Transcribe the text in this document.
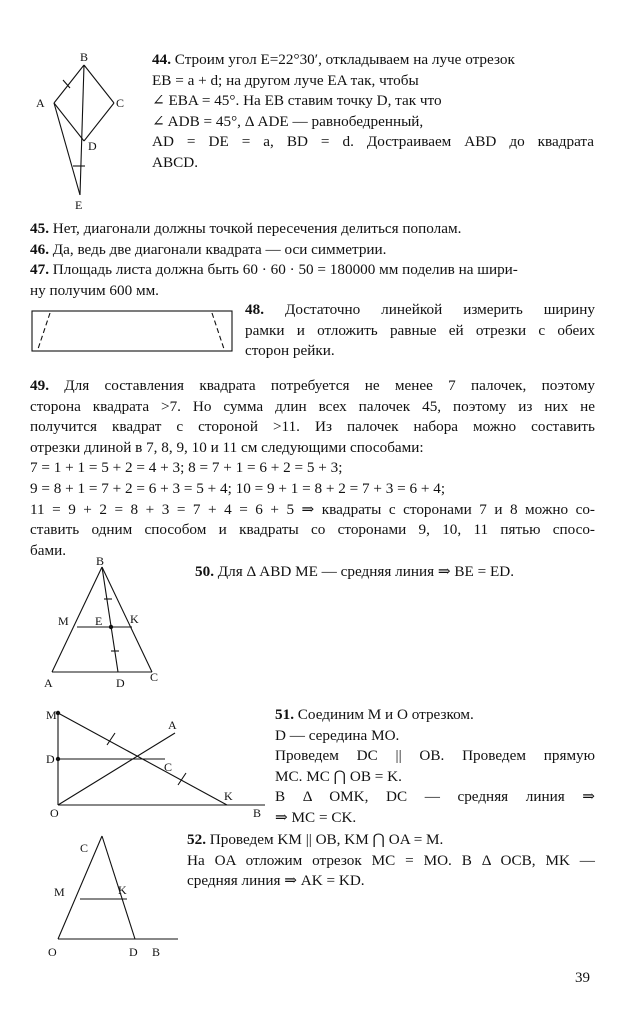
B
A	C
D
E
44. Строим угол E=22°30′, откладываем на луче отрезок
EB = a + d; на другом луче EA так, чтобы
∠ EBA = 45°. На EB ставим точку D, так что
∠ ADB = 45°, Δ ADE — равнобедренный,
AD = DE = a, BD = d. Достраиваем ABD до квадрата
ABCD.
45. Нет, диагонали должны точкой пересечения делиться пополам.
46. Да, ведь две диагонали квадрата — оси симметрии.
47. Площадь листа должна быть 60 · 60 · 50 = 180000 мм поделив на шири-
ну получим 600 мм.
48. Достаточно линейкой измерить ширину
рамки и отложить равные ей отрезки с обеих
сторон рейки.
49. Для составления квадрата потребуется не менее 7 палочек, поэтому
сторона квадрата >7. Но сумма длин всех палочек 45, поэтому из них не
получится квадрат с стороной >11. Из палочек набора можно составить
отрезки длиной в 7, 8, 9, 10 и 11 см следующими способами:
7 = 1 + 1 = 5 + 2 = 4 + 3; 8 = 7 + 1 = 6 + 2 = 5 + 3;
9 = 8 + 1 = 7 + 2 = 6 + 3 = 5 + 4; 10 = 9 + 1 = 8 + 2 = 7 + 3 = 6 + 4;
11 = 9 + 2 = 8 + 3 = 7 + 4 = 6 + 5 ⇒ квадраты с сторонами 7 и 8 можно со-
ставить одним способом и квадраты со сторонами 9, 10, 11 пятью спосо-
бами.
B
M E K
A	D C
50. Для Δ ABD ME — средняя линия ⇒ BE = ED.
M
A
D
C
K
O	B
51. Соединим M и O отрезком.
D — середина MO.
Проведем DC || OB. Проведем прямую
MC. MC ⋂ OB = K.
B Δ OMK, DC — средняя линия ⇒
⇒ MC = CK.
C
M	K
O	D B
52. Проведем KM || OB, KM ⋂ OA = M.
На OA отложим отрезок MC = MO. В Δ OCB, MK —
средняя линия ⇒ AK = KD.
39
